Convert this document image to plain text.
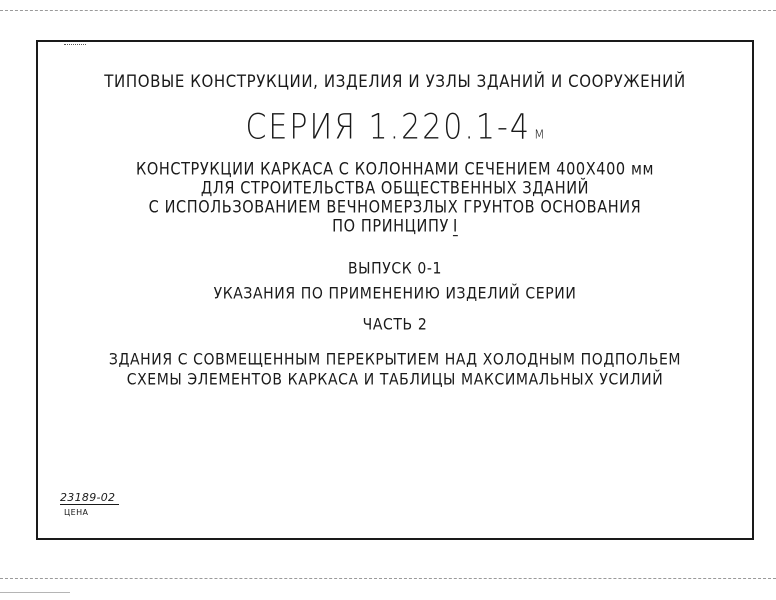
ТИПОВЫЕ КОНСТРУКЦИИ, ИЗДЕЛИЯ И УЗЛЫ ЗДАНИЙ И СООРУЖЕНИЙ
СЕРИЯ 1.220.1-4 м
КОНСТРУКЦИИ КАРКАСА С КОЛОННАМИ СЕЧЕНИЕМ 400Х400 мм
ДЛЯ СТРОИТЕЛЬСТВА ОБЩЕСТВЕННЫХ ЗДАНИЙ
С ИСПОЛЬЗОВАНИЕМ ВЕЧНОМЕРЗЛЫХ ГРУНТОВ ОСНОВАНИЯ
ПО ПРИНЦИПУ I
ВЫПУСК 0-1
УКАЗАНИЯ ПО ПРИМЕНЕНИЮ ИЗДЕЛИЙ СЕРИИ
ЧАСТЬ 2
ЗДАНИЯ С СОВМЕЩЕННЫМ ПЕРЕКРЫТИЕМ НАД ХОЛОДНЫМ ПОДПОЛЬЕМ
СХЕМЫ ЭЛЕМЕНТОВ КАРКАСА И ТАБЛИЦЫ МАКСИМАЛЬНЫХ УСИЛИЙ
23189-02
ЦЕНА
